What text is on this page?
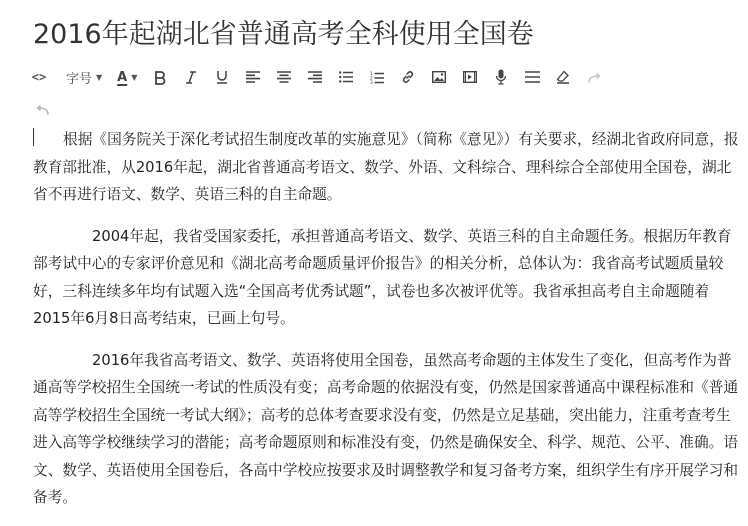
2016年起湖北省普通高考全科使用全国卷
<> 字号 ▼ A ▼	1
2
3

根据《国务院关于深化考试招生制度改革的实施意见》（简称《意见》）有关要求，经湖北省政府同意，报教育部批准，从2016年起，湖北省普通高考语文、数学、外语、文科综合、理科综合全部使用全国卷，湖北省不再进行语文、数学、英语三科的自主命题。

2004年起，我省受国家委托，承担普通高考语文、数学、英语三科的自主命题任务。根据历年教育部考试中心的专家评价意见和《湖北高考命题质量评价报告》的相关分析，总体认为：我省高考试题质量较好，三科连续多年均有试题入选“全国高考优秀试题”，试卷也多次被评优等。我省承担高考自主命题随着2015年6月8日高考结束，已画上句号。

2016年我省高考语文、数学、英语将使用全国卷，虽然高考命题的主体发生了变化，但高考作为普通高等学校招生全国统一考试的性质没有变；高考命题的依据没有变，仍然是国家普通高中课程标准和《普通高等学校招生全国统一考试大纲》；高考的总体考查要求没有变，仍然是立足基础，突出能力，注重考查考生进入高等学校继续学习的潜能；高考命题原则和标准没有变，仍然是确保安全、科学、规范、公平、准确。语文、数学、英语使用全国卷后，各高中学校应按要求及时调整教学和复习备考方案，组织学生有序开展学习和备考。
